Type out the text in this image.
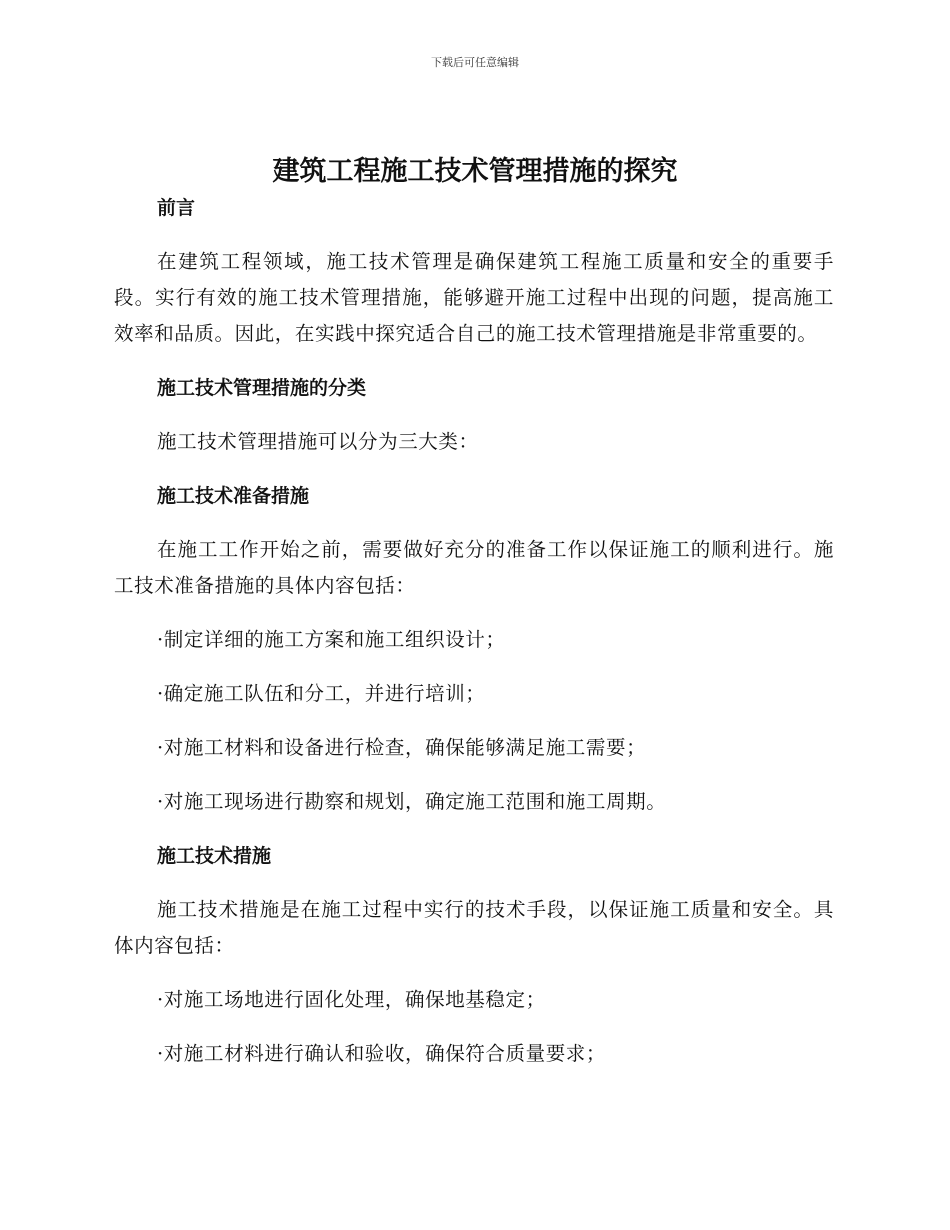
下载后可任意编辑
建筑工程施工技术管理措施的探究
前言

在建筑工程领域，施工技术管理是确保建筑工程施工质量和安全的重要手段。实行有效的施工技术管理措施，能够避开施工过程中出现的问题，提高施工效率和品质。因此，在实践中探究适合自己的施工技术管理措施是非常重要的。

施工技术管理措施的分类

施工技术管理措施可以分为三大类：

施工技术准备措施

在施工工作开始之前，需要做好充分的准备工作以保证施工的顺利进行。施工技术准备措施的具体内容包括：

·制定详细的施工方案和施工组织设计；
·确定施工队伍和分工，并进行培训；
·对施工材料和设备进行检查，确保能够满足施工需要；
·对施工现场进行勘察和规划，确定施工范围和施工周期。
施工技术措施

施工技术措施是在施工过程中实行的技术手段，以保证施工质量和安全。具体内容包括：

·对施工场地进行固化处理，确保地基稳定；
·对施工材料进行确认和验收，确保符合质量要求；
